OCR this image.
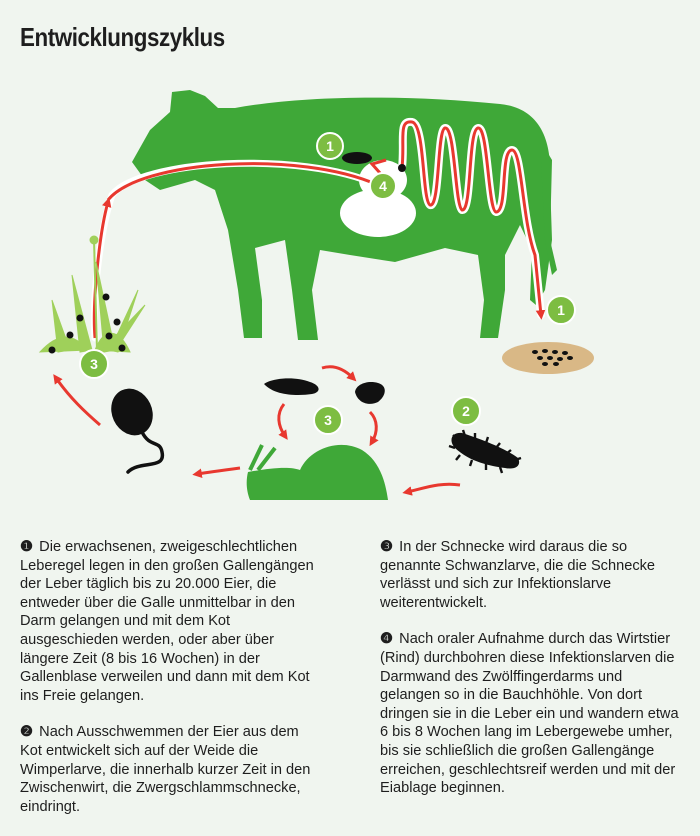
Entwicklungszyklus
1
4
1
2
3
3

❶ Die erwachsenen, zweigeschlechtlichen Leberegel legen in den großen Gallengängen der Leber täglich bis zu 20.000 Eier, die entweder über die Galle unmittelbar in den Darm gelangen und mit dem Kot ausgeschieden werden, oder aber über längere Zeit (8 bis 16 Wochen) in der Gallenblase verweilen und dann mit dem Kot ins Freie gelangen.

❷ Nach Ausschwemmen der Eier aus dem Kot entwickelt sich auf der Weide die Wimperlarve, die innerhalb kurzer Zeit in den Zwischenwirt, die Zwergschlammschnecke, eindringt.

❸ In der Schnecke wird daraus die so genannte Schwanzlarve, die die Schnecke verlässt und sich zur Infektionslarve weiterentwickelt.

❹ Nach oraler Aufnahme durch das Wirtstier (Rind) durchbohren diese Infektionslarven die Darmwand des Zwölffingerdarms und gelangen so in die Bauchhöhle. Von dort dringen sie in die Leber ein und wandern etwa 6 bis 8 Wochen lang im Lebergewebe umher, bis sie schließlich die großen Gallengänge erreichen, geschlechtsreif werden und mit der Eiablage beginnen.
